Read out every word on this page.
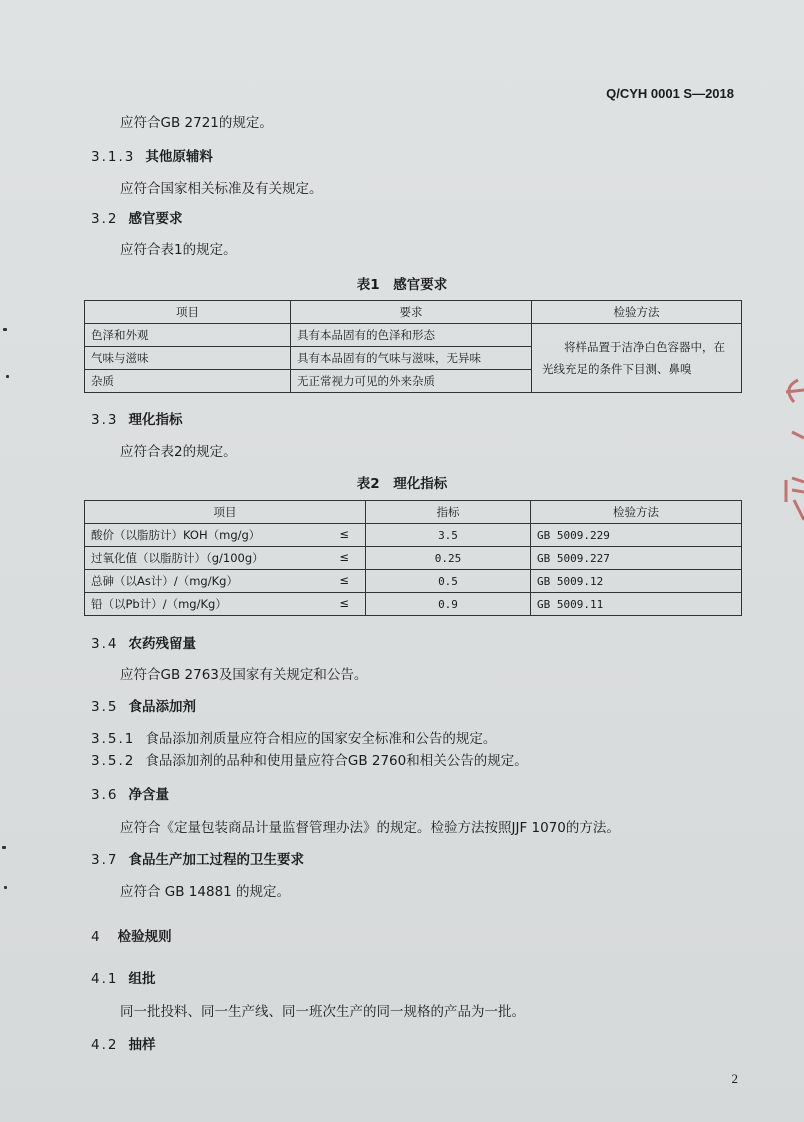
Q/CYH 0001 S—2018
应符合GB 2721的规定。
3.1.3 其他原辅料
应符合国家相关标准及有关规定。
3.2 感官要求
应符合表1的规定。
表1　感官要求
项目	要求	检验方法
色泽和外观	具有本品固有的色泽和形态	将样品置于洁净白色容器中，在
光线充足的条件下目测、鼻嗅

气味与滋味	具有本品固有的气味与滋味，无异味	
杂质	无正常视力可见的外来杂质	
3.3 理化指标
应符合表2的规定。
表2　理化指标
项目	指标	检验方法
酸价（以脂肪计）KOH（mg/g） ≤	3.5	GB 5009.229
过氧化值（以脂肪计）（g/100g） ≤	0.25	GB 5009.227
总砷（以As计）/（mg/Kg） ≤	0.5	GB 5009.12
铅（以Pb计）/（mg/Kg） ≤	0.9	GB 5009.11
3.4 农药残留量
应符合GB 2763及国家有关规定和公告。
3.5 食品添加剂
3.5.1 食品添加剂质量应符合相应的国家安全标准和公告的规定。
3.5.2 食品添加剂的品种和使用量应符合GB 2760和相关公告的规定。
3.6 净含量
应符合《定量包装商品计量监督管理办法》的规定。检验方法按照JJF 1070的方法。
3.7 食品生产加工过程的卫生要求
应符合 GB 14881 的规定。
4 检验规则
4.1 组批
同一批投料、同一生产线、同一班次生产的同一规格的产品为一批。
4.2 抽样
2
